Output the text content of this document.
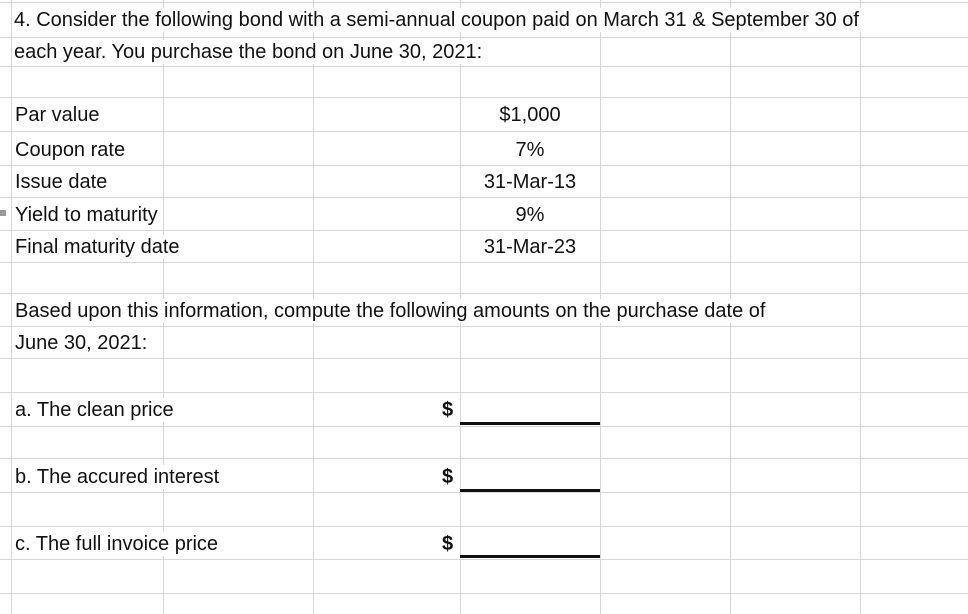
4. Consider the following bond with a semi-annual coupon paid on March 31 & September 30 of
each year. You purchase the bond on June 30, 2021:
Par value	$1,000
Coupon rate	7%
Issue date	31-Mar-13
Yield to maturity	9%
Final maturity date	31-Mar-23
Based upon this information, compute the following amounts on the purchase date of
June 30, 2021:
a. The clean price	$
b. The accured interest	$
c. The full invoice price	$
